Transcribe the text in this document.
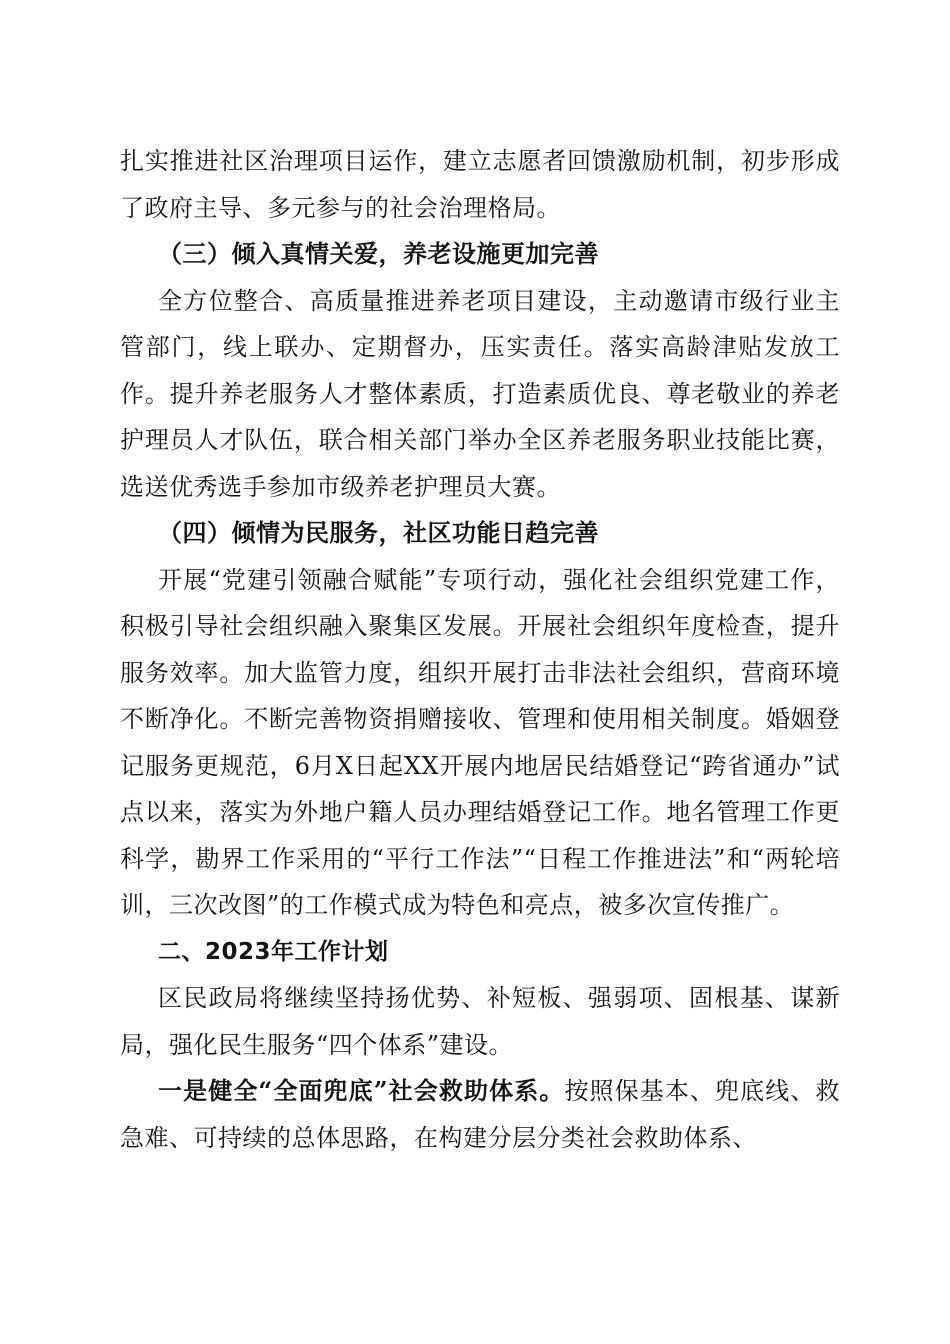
扎实推进社区治理项目运作，建立志愿者回馈激励机制，初步形成了政府主导、多元参与的社会治理格局。

（三）倾入真情关爱，养老设施更加完善

全方位整合、高质量推进养老项目建设，主动邀请市级行业主管部门，线上联办、定期督办，压实责任。落实高龄津贴发放工作。提升养老服务人才整体素质，打造素质优良、尊老敬业的养老护理员人才队伍，联合相关部门举办全区养老服务职业技能比赛，选送优秀选手参加市级养老护理员大赛。

（四）倾情为民服务，社区功能日趋完善

开展“党建引领融合赋能”专项行动，强化社会组织党建工作，积极引导社会组织融入聚集区发展。开展社会组织年度检查，提升服务效率。加大监管力度，组织开展打击非法社会组织，营商环境不断净化。不断完善物资捐赠接收、管理和使用相关制度。婚姻登记服务更规范，6月X日起XX开展内地居民结婚登记“跨省通办”试点以来，落实为外地户籍人员办理结婚登记工作。地名管理工作更科学，勘界工作采用的“平行工作法”“日程工作推进法”和“两轮培训，三次改图”的工作模式成为特色和亮点，被多次宣传推广。

二、2023年工作计划

区民政局将继续坚持扬优势、补短板、强弱项、固根基、谋新局，强化民生服务“四个体系”建设。

一是健全“全面兜底”社会救助体系。按照保基本、兜底线、救急难、可持续的总体思路，在构建分层分类社会救助体系、
